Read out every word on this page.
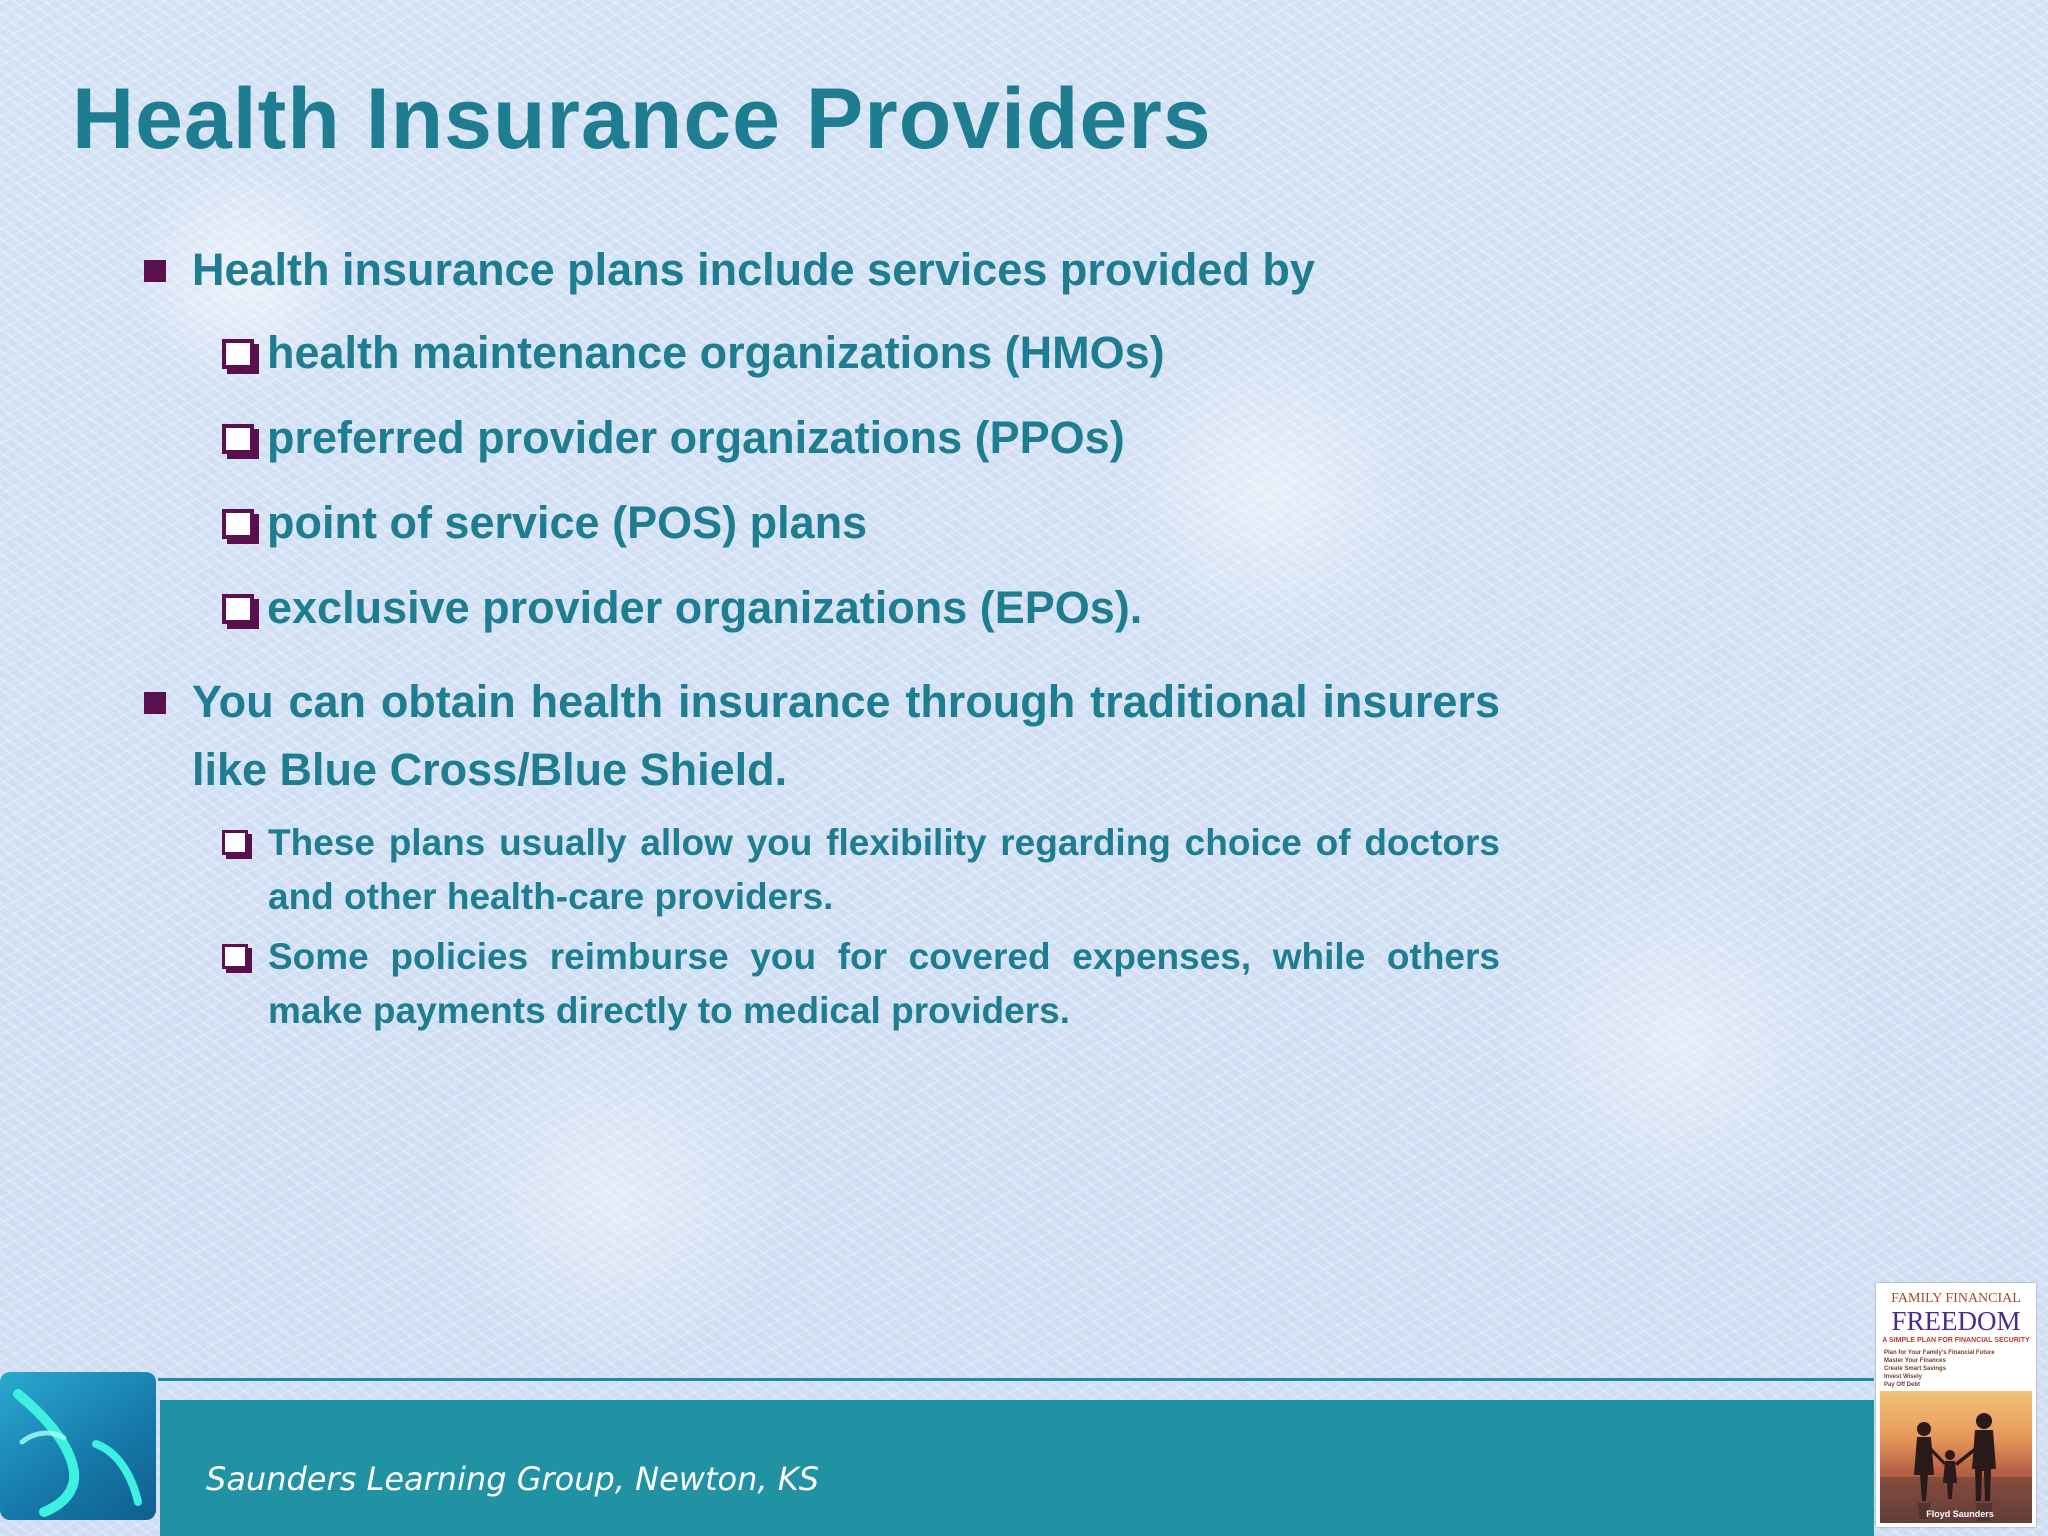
Health Insurance Providers
Health insurance plans include services provided by
health maintenance organizations (HMOs)
preferred provider organizations (PPOs)
point of service (POS) plans
exclusive provider organizations (EPOs).
You can obtain health insurance through traditional insurers like Blue Cross/Blue Shield.
These plans usually allow you flexibility regarding choice of doctors and other health-care providers.
Some policies reimburse you for covered expenses, while others make payments directly to medical providers.
Saunders Learning Group, Newton, KS
FAMILY FINANCIAL
FREEDOM
A SIMPLE PLAN FOR FINANCIAL SECURITY
Plan for Your Family's Financial Future
Master Your Finances
Create Smart Savings
Invest Wisely
Pay Off Debt
Floyd Saunders
